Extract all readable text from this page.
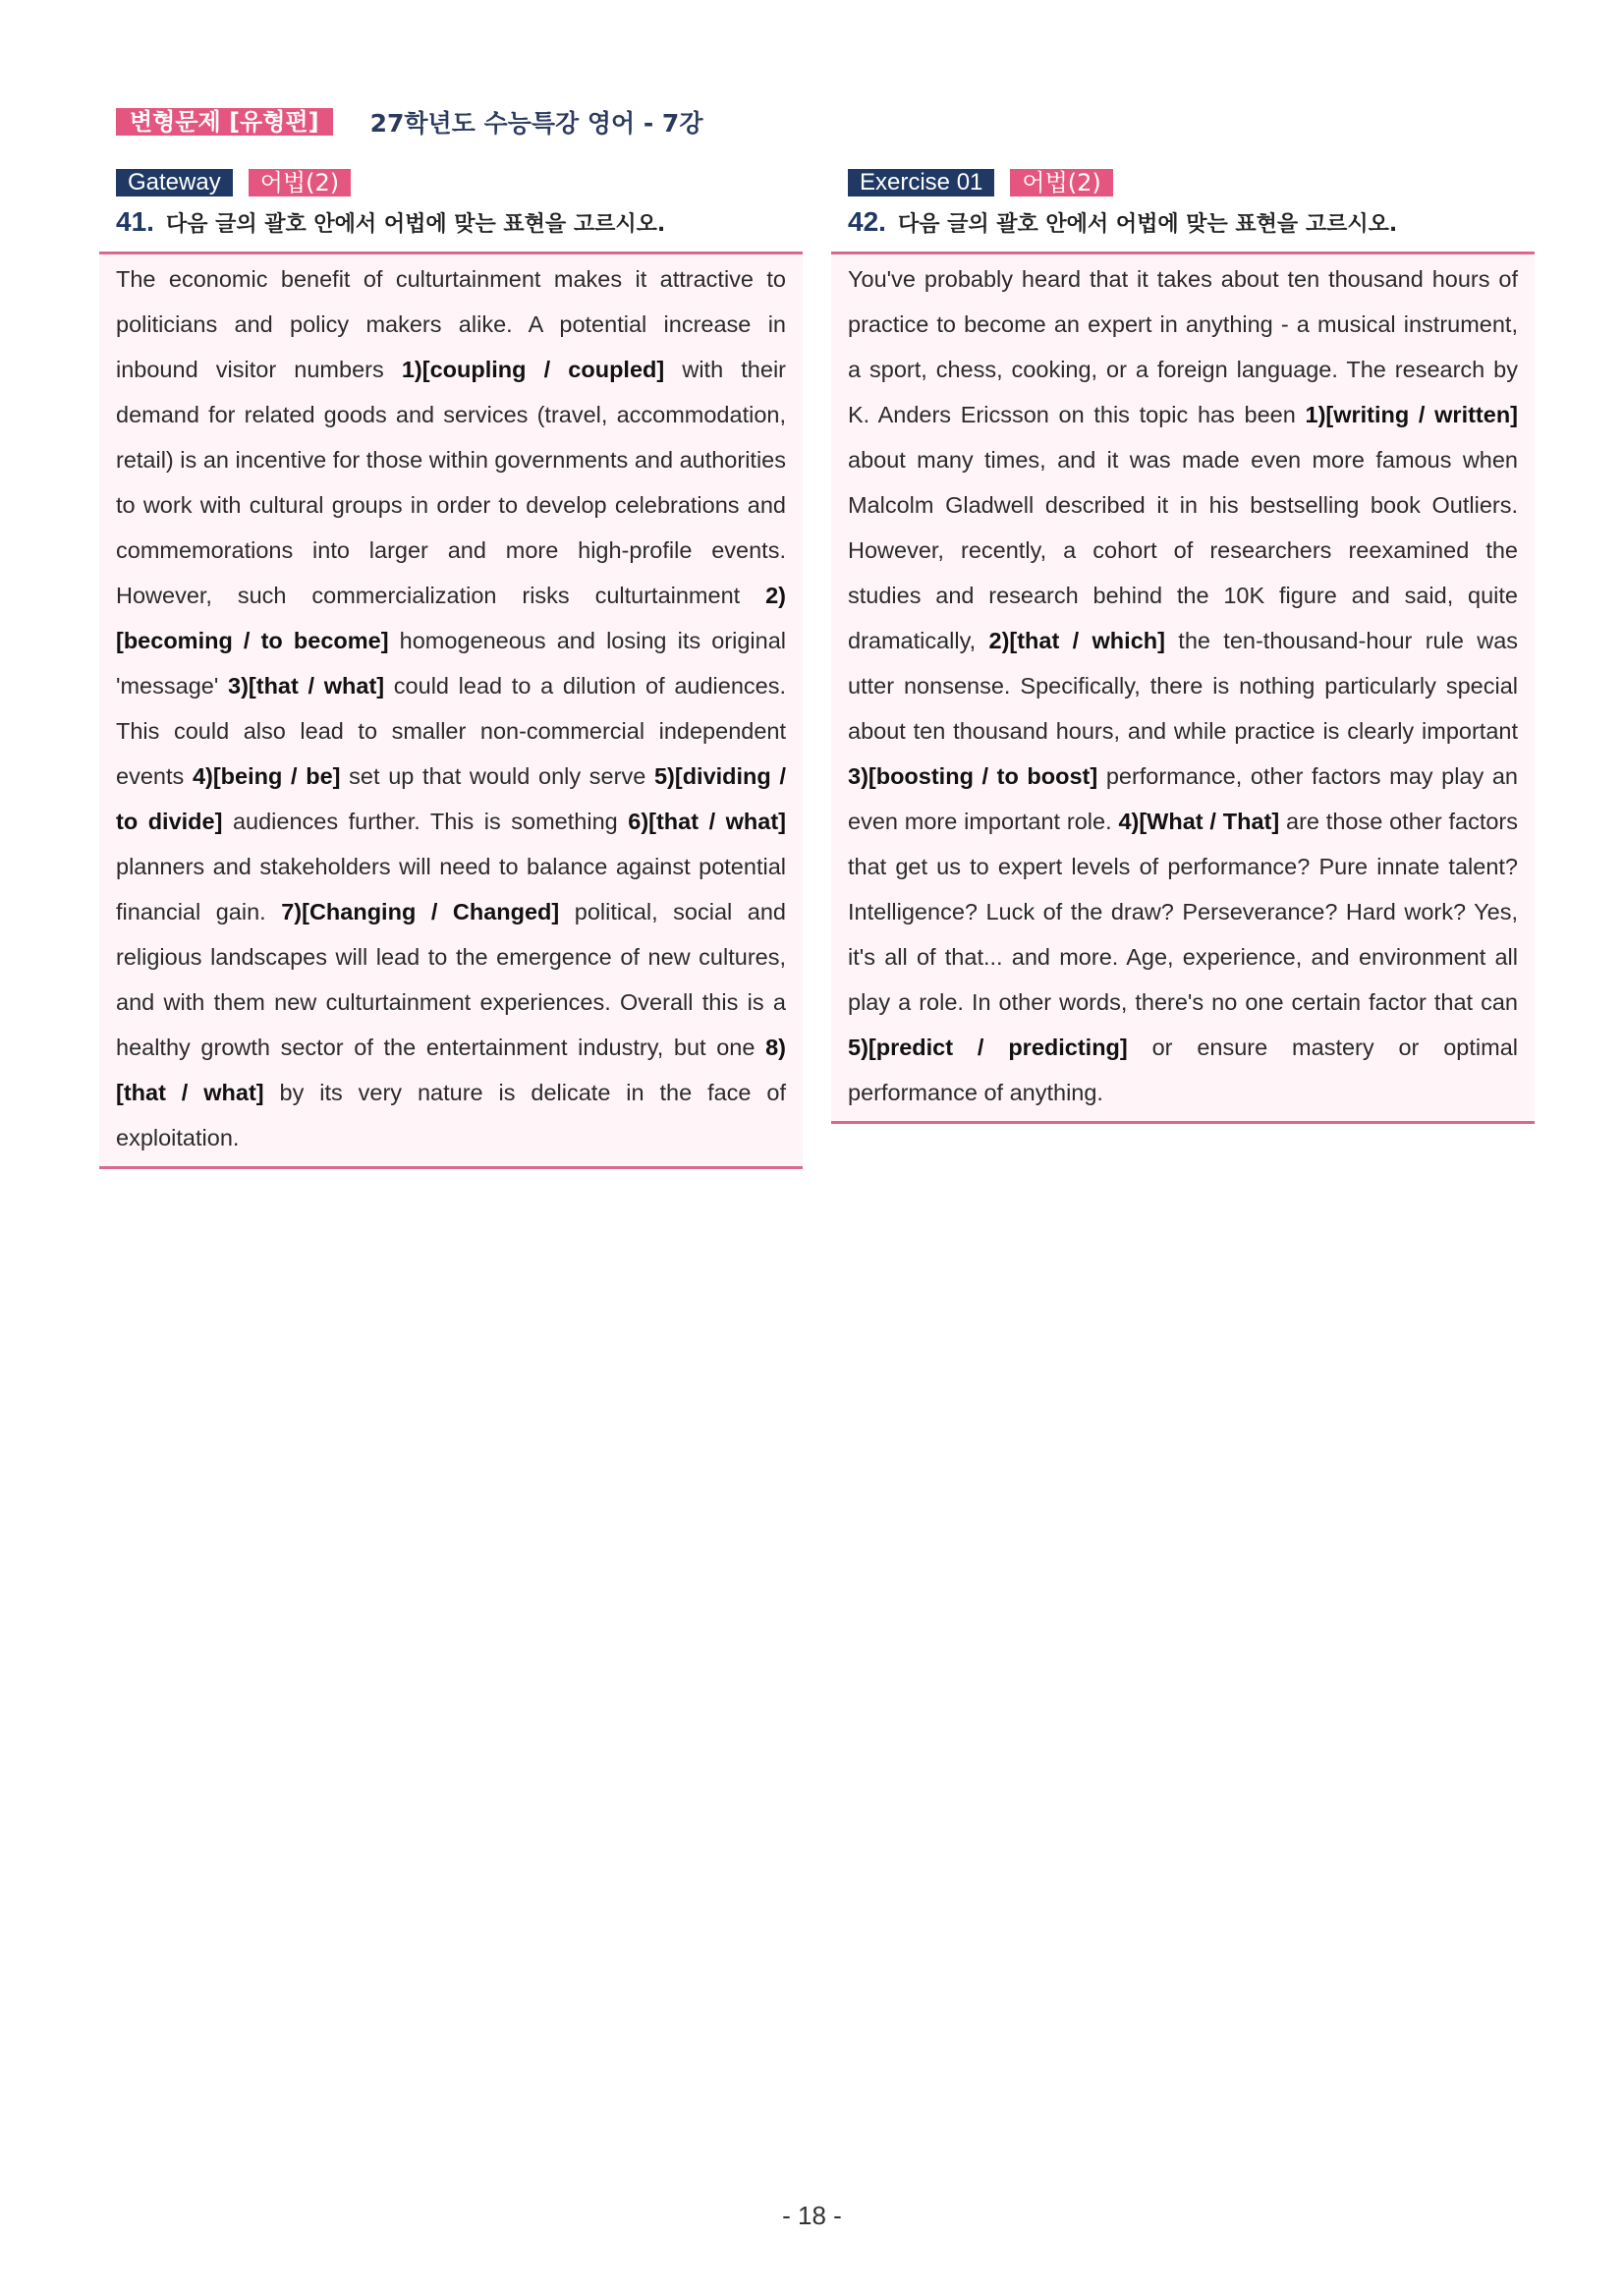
변형문제 [유형편]	27학년도 수능특강 영어 - 7강
Gateway	어법(2)
41. 다음 글의 괄호 안에서 어법에 맞는 표현을 고르시오.

The economic benefit of culturtainment makes it attractive to politicians and policy makers alike. A potential increase in inbound visitor numbers 1)[coupling / coupled] with their demand for related goods and services (travel, accommodation, retail) is an incentive for those within governments and authorities to work with cultural groups in order to develop celebrations and commemorations into larger and more high-profile events. However, such commercialization risks culturtainment 2)[becoming / to become] homogeneous and losing its original 'message' 3)[that / what] could lead to a dilution of audiences. This could also lead to smaller non-commercial independent events 4)[being / be] set up that would only serve 5)[dividing / to divide] audiences further. This is something 6)[that / what] planners and stakeholders will need to balance against potential financial gain. 7)[Changing / Changed] political, social and religious landscapes will lead to the emergence of new cultures, and with them new culturtainment experiences. Overall this is a healthy growth sector of the entertainment industry, but one 8)[that / what] by its very nature is delicate in the face of exploitation.

Exercise 01	어법(2)
42. 다음 글의 괄호 안에서 어법에 맞는 표현을 고르시오.

You've probably heard that it takes about ten thousand hours of practice to become an expert in anything - a musical instrument, a sport, chess, cooking, or a foreign language. The research by K. Anders Ericsson on this topic has been 1)[writing / written] about many times, and it was made even more famous when Malcolm Gladwell described it in his bestselling book Outliers. However, recently, a cohort of researchers reexamined the studies and research behind the 10K figure and said, quite dramatically, 2)[that / which] the ten-thousand-hour rule was utter nonsense. Specifically, there is nothing particularly special about ten thousand hours, and while practice is clearly important 3)[boosting / to boost] performance, other factors may play an even more important role. 4)[What / That] are those other factors that get us to expert levels of performance? Pure innate talent? Intelligence? Luck of the draw? Perseverance? Hard work? Yes, it's all of that... and more. Age, experience, and environment all play a role. In other words, there's no one certain factor that can 5)[predict / predicting] or ensure mastery or optimal performance of anything.

- 18 -
